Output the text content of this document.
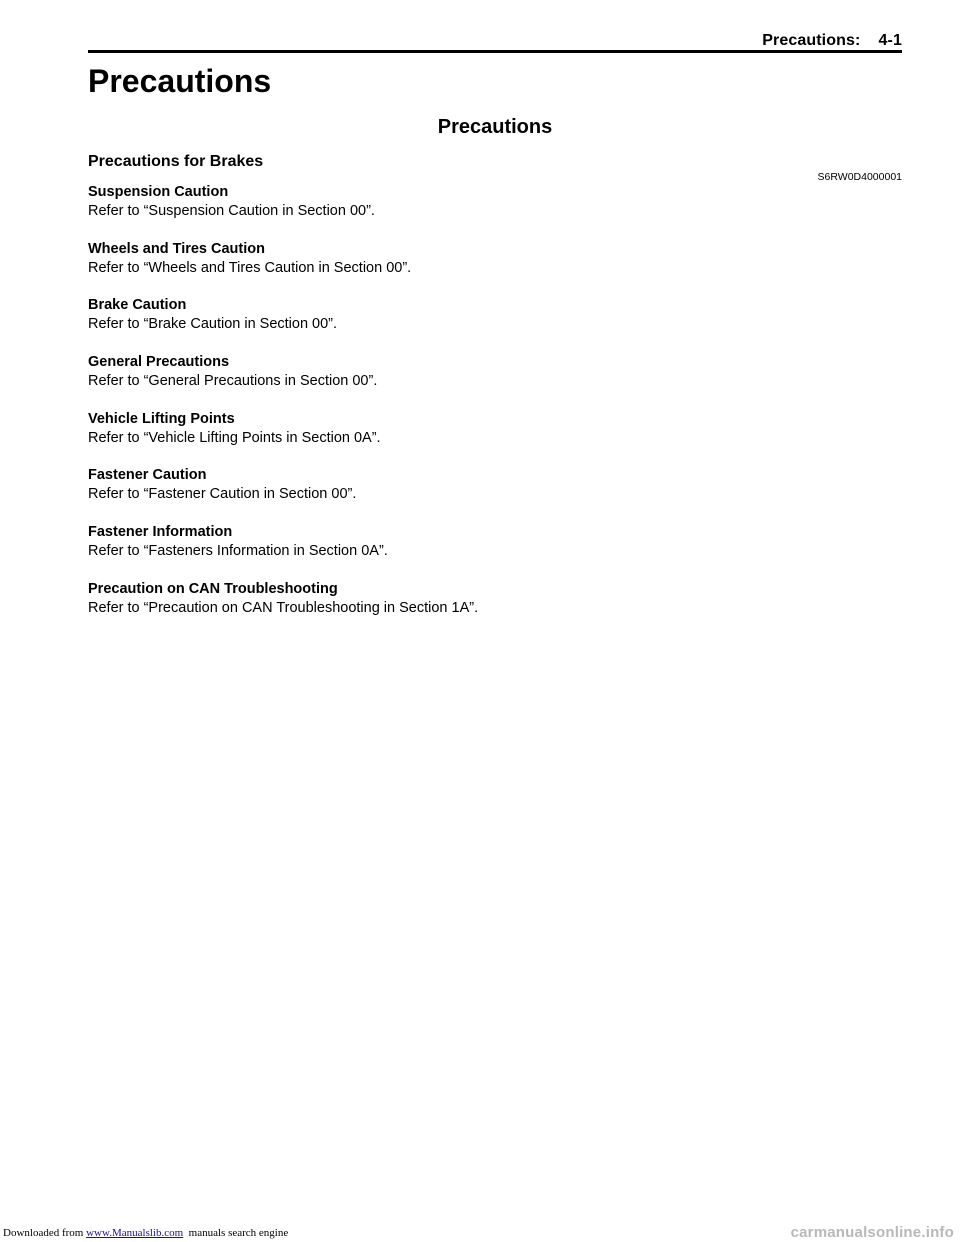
Precautions:    4-1
Precautions
Precautions
Precautions for Brakes
S6RW0D4000001

Suspension Caution

Refer to “Suspension Caution in Section 00”.

Wheels and Tires Caution

Refer to “Wheels and Tires Caution in Section 00”.

Brake Caution

Refer to “Brake Caution in Section 00”.

General Precautions

Refer to “General Precautions in Section 00”.

Vehicle Lifting Points

Refer to “Vehicle Lifting Points in Section 0A”.

Fastener Caution

Refer to “Fastener Caution in Section 00”.

Fastener Information

Refer to “Fasteners Information in Section 0A”.

Precaution on CAN Troubleshooting

Refer to “Precaution on CAN Troubleshooting in Section 1A”.

Downloaded from www.Manualslib.com  manuals search engine	carmanualsonline.info
